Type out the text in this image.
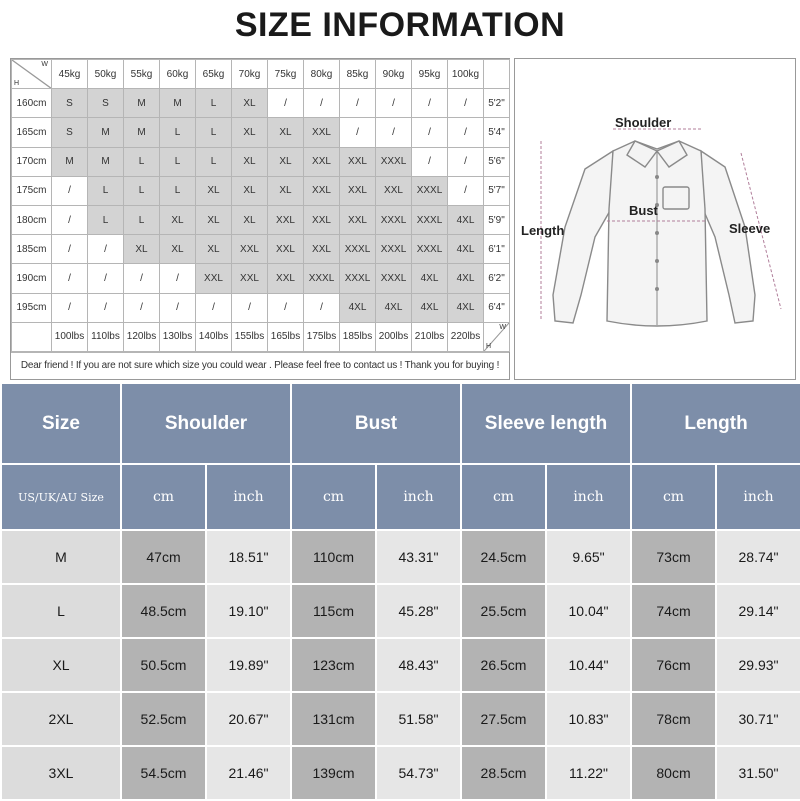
SIZE INFORMATION
H
W	45kg	50kg	55kg	60kg	65kg	70kg	75kg	80kg	85kg	90kg	95kg	100kg	
160cm	S	S	M	M	L	XL	/	/	/	/	/	/	5'2"
165cm	S	M	M	L	L	XL	XL	XXL	/	/	/	/	5'4"
170cm	M	M	L	L	L	XL	XL	XXL	XXL	XXXL	/	/	5'6"
175cm	/	L	L	L	XL	XL	XL	XXL	XXL	XXL	XXXL	/	5'7"
180cm	/	L	L	XL	XL	XL	XXL	XXL	XXL	XXXL	XXXL	4XL	5'9"
185cm	/	/	XL	XL	XL	XXL	XXL	XXL	XXXL	XXXL	XXXL	4XL	6'1"
190cm	/	/	/	/	XXL	XXL	XXL	XXXL	XXXL	XXXL	4XL	4XL	6'2"
195cm	/	/	/	/	/	/	/	/	4XL	4XL	4XL	4XL	6'4"
	100lbs	110lbs	120lbs	130lbs	140lbs	155lbs	165lbs	175lbs	185lbs	200lbs	210lbs	220lbs	H
W
Dear friend ! If you are not sure which size you could wear . Please feel free to contact us ! Thank you for buying !
Shoulder
Bust
Length	Sleeve
Size	Shoulder		Bust		Sleeve length		Length	
US/UK/AU Size	cm	inch	cm	inch	cm	inch	cm	inch
M	47cm	18.51"	110cm	43.31"	24.5cm	9.65"	73cm	28.74"
L	48.5cm	19.10"	115cm	45.28"	25.5cm	10.04"	74cm	29.14"
XL	50.5cm	19.89"	123cm	48.43"	26.5cm	10.44"	76cm	29.93"
2XL	52.5cm	20.67"	131cm	51.58"	27.5cm	10.83"	78cm	30.71"
3XL	54.5cm	21.46"	139cm	54.73"	28.5cm	11.22"	80cm	31.50"
